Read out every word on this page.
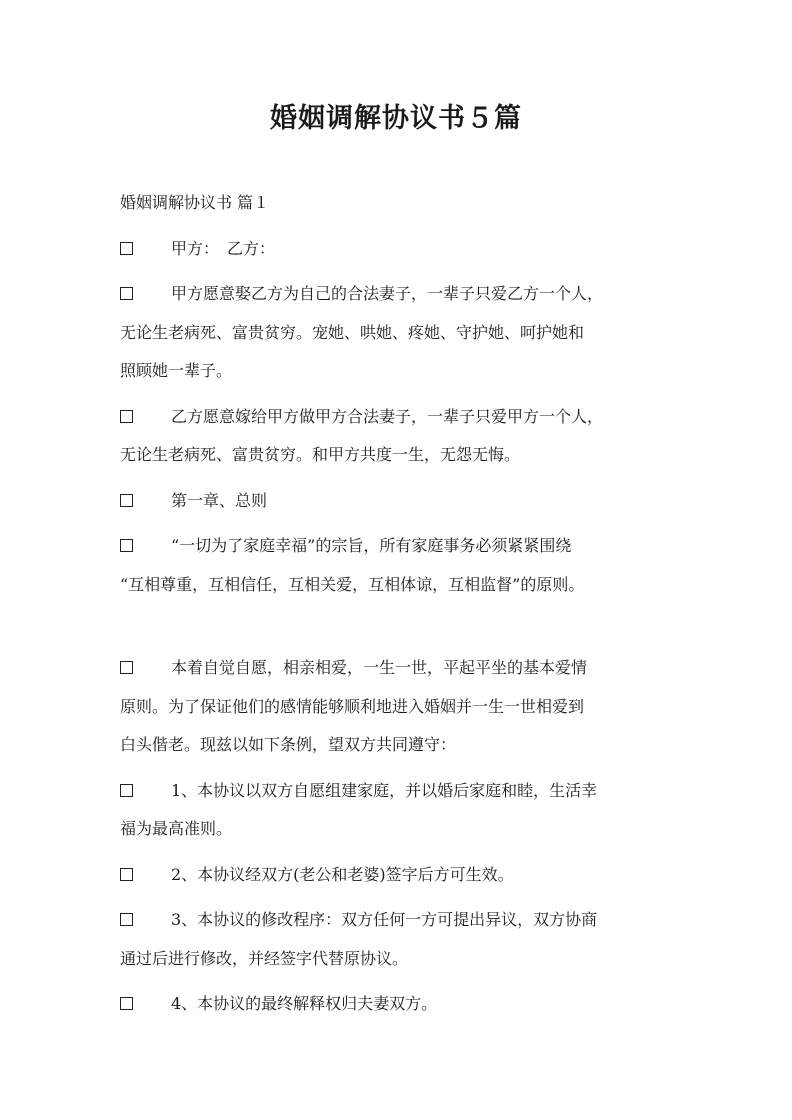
婚姻调解协议书５篇
婚姻调解协议书 篇１
甲方：　乙方：
甲方愿意娶乙方为自己的合法妻子，一辈子只爱乙方一个人，
无论生老病死、富贵贫穷。宠她、哄她、疼她、守护她、呵护她和
照顾她一辈子。
乙方愿意嫁给甲方做甲方合法妻子，一辈子只爱甲方一个人，
无论生老病死、富贵贫穷。和甲方共度一生，无怨无悔。
第一章、总则
“一切为了家庭幸福”的宗旨，所有家庭事务必须紧紧围绕
“互相尊重，互相信任，互相关爱，互相体谅，互相监督”的原则。
本着自觉自愿，相亲相爱，一生一世，平起平坐的基本爱情
原则。为了保证他们的感情能够顺利地进入婚姻并一生一世相爱到
白头偕老。现兹以如下条例，望双方共同遵守：
1、本协议以双方自愿组建家庭，并以婚后家庭和睦，生活幸
福为最高准则。
2、本协议经双方(老公和老婆)签字后方可生效。
3、本协议的修改程序：双方任何一方可提出异议，双方协商
通过后进行修改，并经签字代替原协议。
4、本协议的最终解释权归夫妻双方。
